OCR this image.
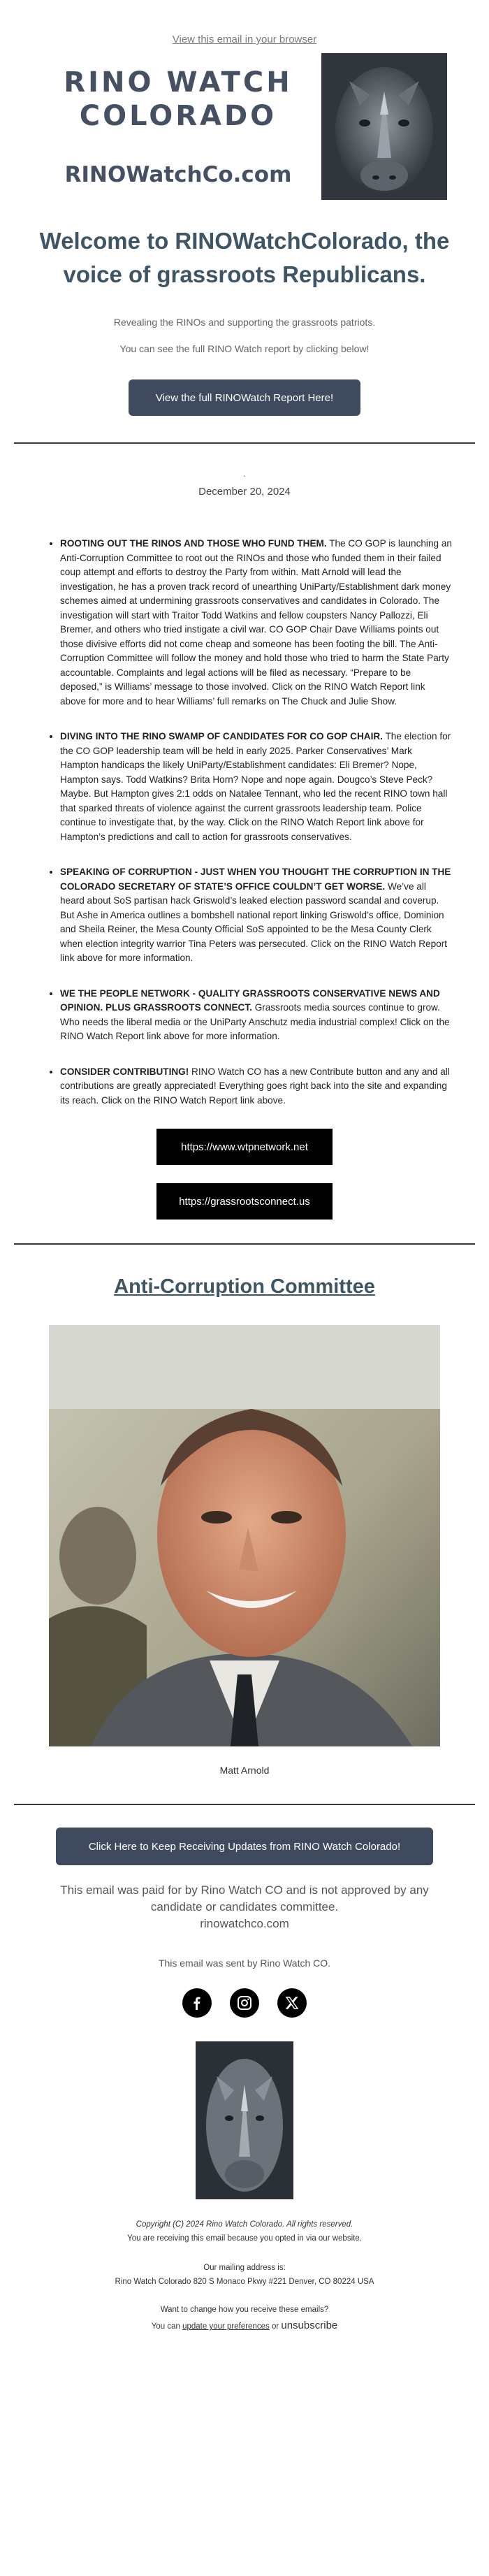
View this email in your browser
RINO WATCH
COLORADO
RINOWatchCo.com
Welcome to RINOWatchColorado, the voice of grassroots Republicans.
Revealing the RINOs and supporting the grassroots patriots.
You can see the full RINO Watch report by clicking below!
View the full RINOWatch Report Here!
.
December 20, 2024
• ROOTING OUT THE RINOS AND THOSE WHO FUND THEM. The CO GOP is launching an Anti-Corruption Committee to root out the RINOs and those who funded them in their failed coup attempt and efforts to destroy the Party from within. Matt Arnold will lead the investigation, he has a proven track record of unearthing UniParty/Establishment dark money schemes aimed at undermining grassroots conservatives and candidates in Colorado. The investigation will start with Traitor Todd Watkins and fellow coupsters Nancy Pallozzi, Eli Bremer, and others who tried instigate a civil war. CO GOP Chair Dave Williams points out those divisive efforts did not come cheap and someone has been footing the bill. The Anti-Corruption Committee will follow the money and hold those who tried to harm the State Party accountable. Complaints and legal actions will be filed as necessary. “Prepare to be deposed,” is Williams’ message to those involved. Click on the RINO Watch Report link above for more and to hear Williams’ full remarks on The Chuck and Julie Show.
• DIVING INTO THE RINO SWAMP OF CANDIDATES FOR CO GOP CHAIR. The election for the CO GOP leadership team will be held in early 2025. Parker Conservatives’ Mark Hampton handicaps the likely UniParty/Establishment candidates: Eli Bremer? Nope, Hampton says. Todd Watkins? Brita Horn? Nope and nope again. Dougco’s Steve Peck? Maybe. But Hampton gives 2:1 odds on Natalee Tennant, who led the recent RINO town hall that sparked threats of violence against the current grassroots leadership team. Police continue to investigate that, by the way. Click on the RINO Watch Report link above for Hampton’s predictions and call to action for grassroots conservatives.
• SPEAKING OF CORRUPTION - JUST WHEN YOU THOUGHT THE CORRUPTION IN THE COLORADO SECRETARY OF STATE’S OFFICE COULDN’T GET WORSE. We’ve all heard about SoS partisan hack Griswold’s leaked election password scandal and coverup. But Ashe in America outlines a bombshell national report linking Griswold’s office, Dominion and Sheila Reiner, the Mesa County Official SoS appointed to be the Mesa County Clerk when election integrity warrior Tina Peters was persecuted. Click on the RINO Watch Report link above for more information.
• WE THE PEOPLE NETWORK - QUALITY GRASSROOTS CONSERVATIVE NEWS AND OPINION. PLUS GRASSROOTS CONNECT. Grassroots media sources continue to grow. Who needs the liberal media or the UniParty Anschutz media industrial complex! Click on the RINO Watch Report link above for more information.
• CONSIDER CONTRIBUTING! RINO Watch CO has a new Contribute button and any and all contributions are greatly appreciated! Everything goes right back into the site and expanding its reach. Click on the RINO Watch Report link above.
https://www.wtpnetwork.net
https://grassrootsconnect.us
Anti-Corruption Committee
Matt Arnold
Click Here to Keep Receiving Updates from RINO Watch Colorado!
This email was paid for by Rino Watch CO and is not approved by any candidate or candidates committee.
rinowatchco.com
This email was sent by Rino Watch CO.
Copyright (C) 2024 Rino Watch Colorado. All rights reserved.
You are receiving this email because you opted in via our website.
Our mailing address is:
Rino Watch Colorado 820 S Monaco Pkwy #221 Denver, CO 80224 USA
Want to change how you receive these emails?
You can update your preferences or unsubscribe
